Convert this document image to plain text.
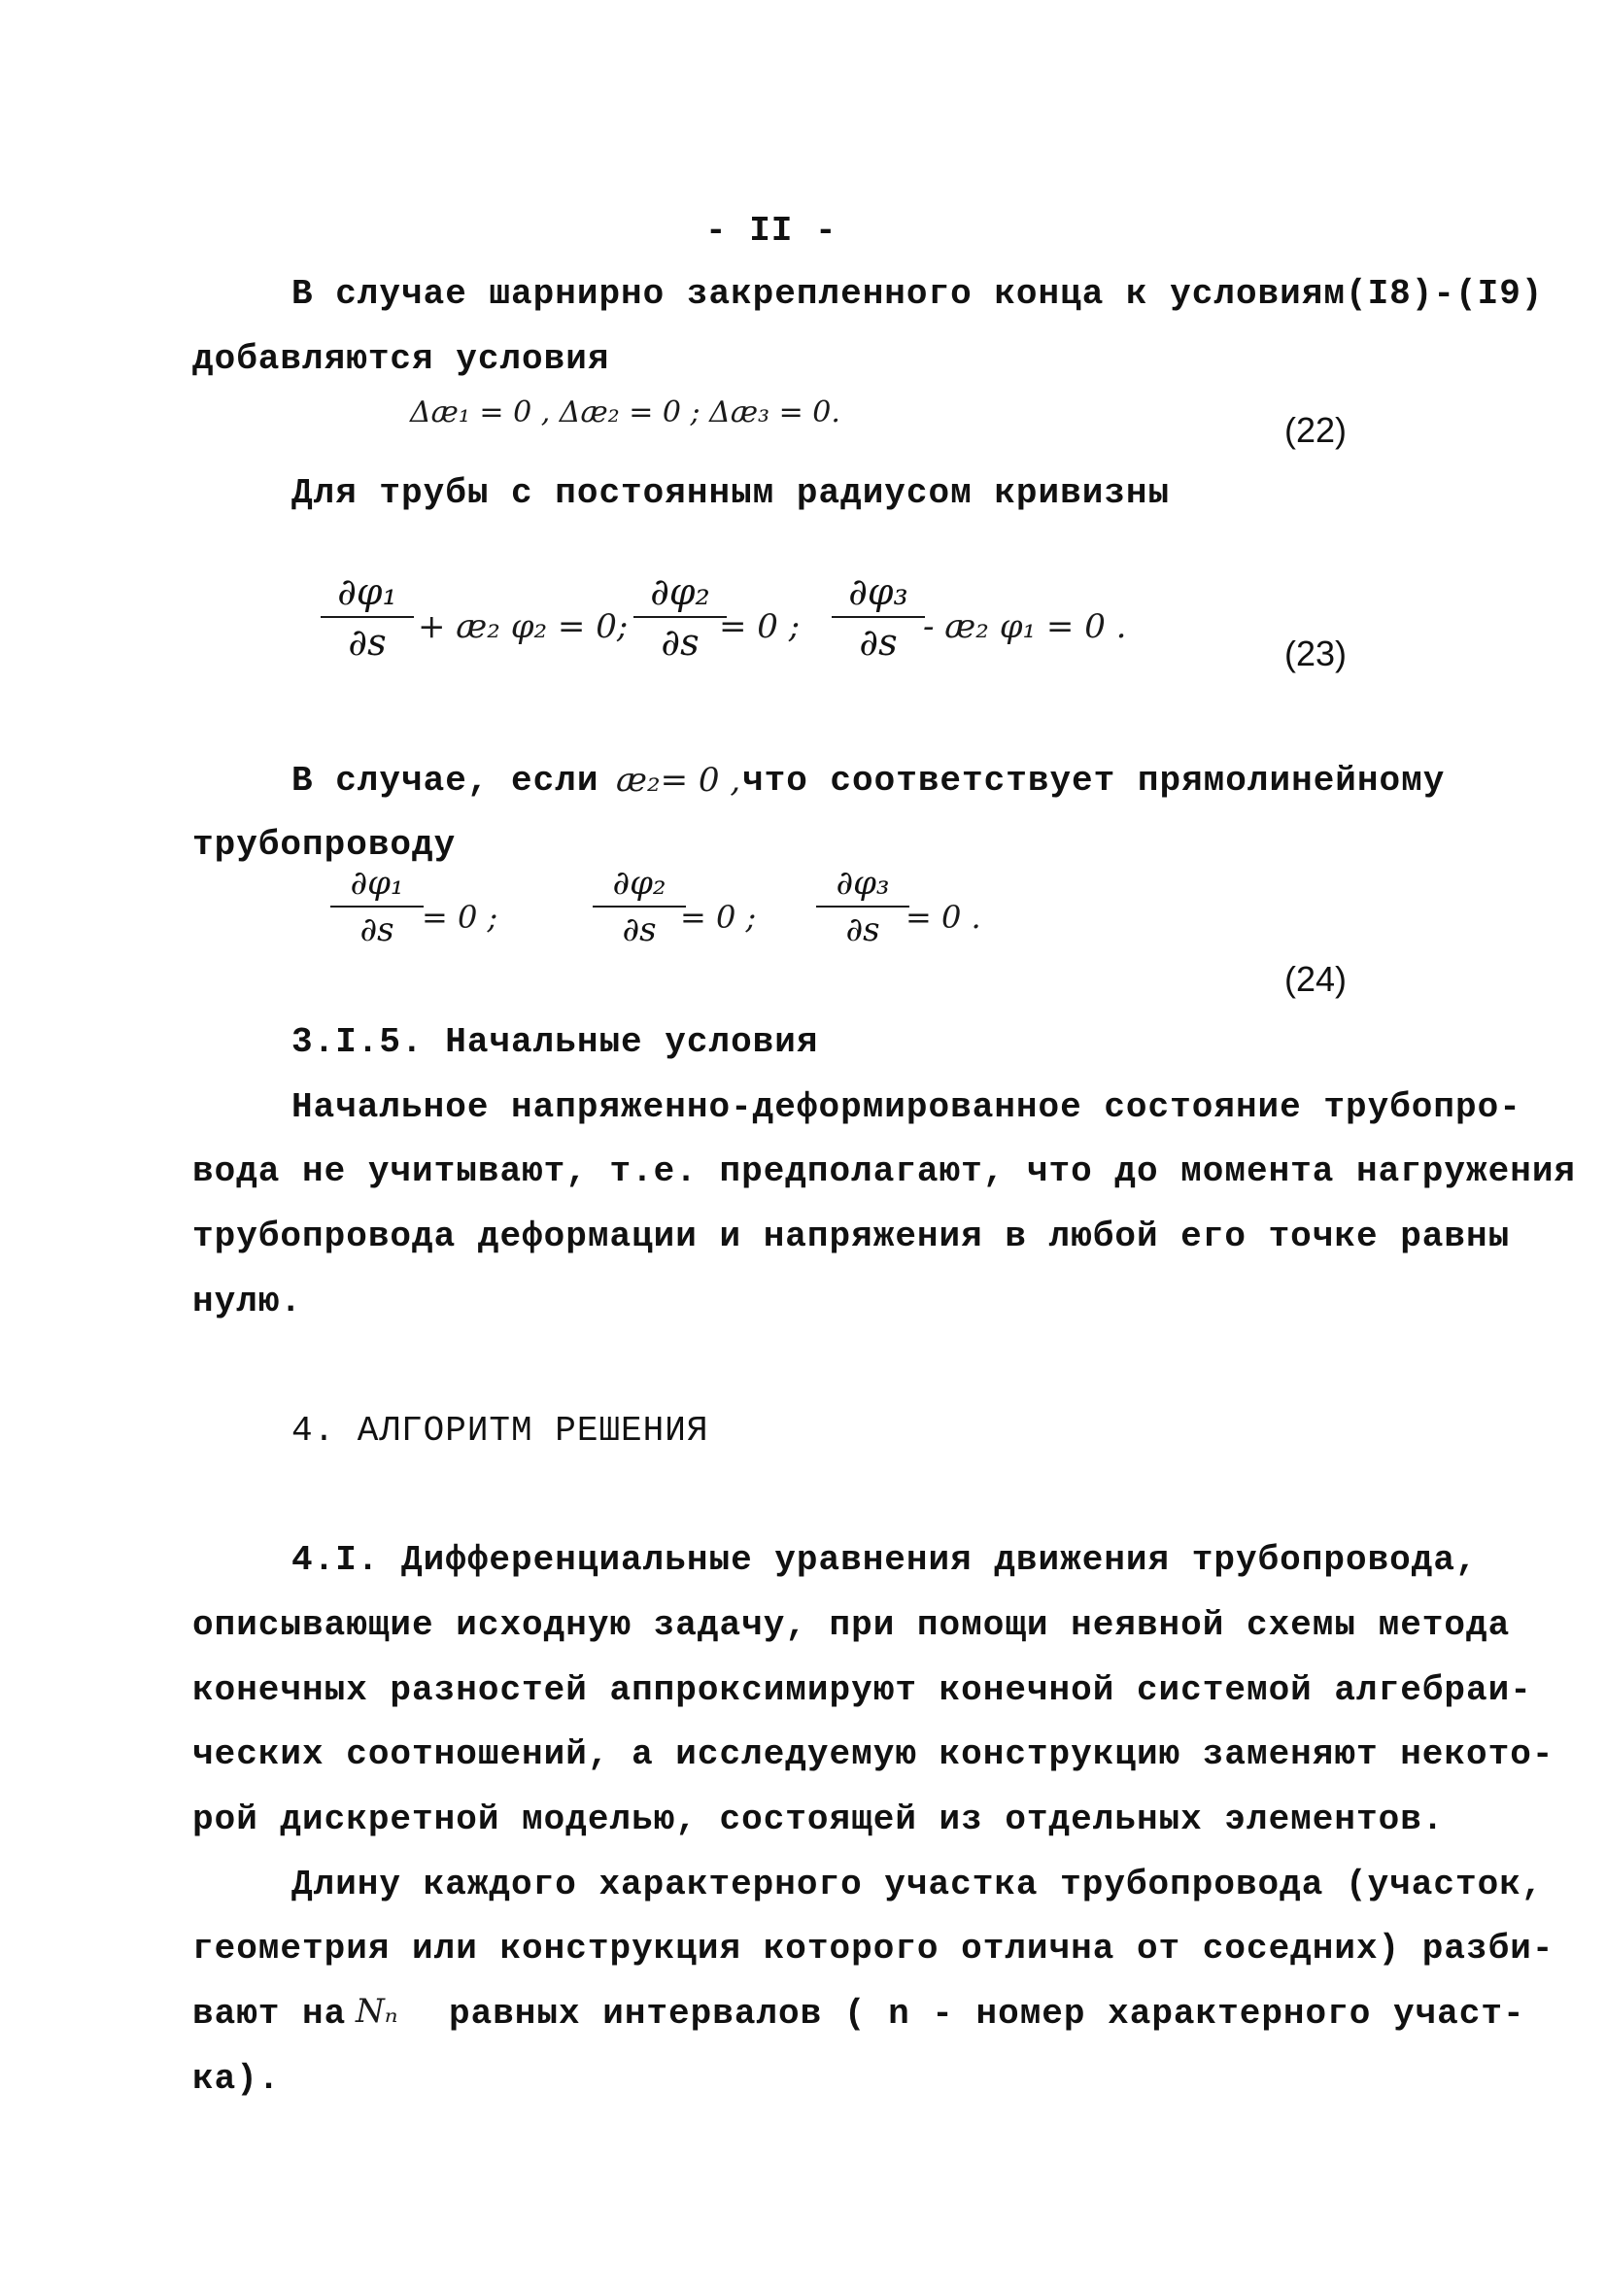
- II -
В случае шарнирно закрепленного конца к условиям(I8)-(I9)
добавляются условия
Δæ₁ = 0 , Δæ₂ = 0 ; Δæ₃ = 0.	(22)
Для трубы с постоянным радиусом кривизны
∂φ₁
∂s + æ₂ φ₂ = 0;
∂φ₂
∂s = 0 ;
∂φ₃
∂s - æ₂ φ₁ = 0 .
(23)
В случае, если æ₂= 0 , что соответствует прямолинейному
трубопроводу
∂φ₁
∂s = 0 ;
∂φ₂
∂s = 0 ;
∂φ₃
∂s = 0 .
(24)
3.I.5. Начальные условия
Начальное напряженно-деформированное состояние трубопро-
вода не учитывают, т.е. предполагают, что до момента нагружения
трубопровода деформации и напряжения в любой его точке равны
нулю.
4. АЛГОРИТМ РЕШЕНИЯ
4.I. Дифференциальные уравнения движения трубопровода,
описывающие исходную задачу, при помощи неявной схемы метода
конечных разностей аппроксимируют конечной системой алгебраи-
ческих соотношений, а исследуемую конструкцию заменяют некото-
рой дискретной моделью, состоящей из отдельных элементов.
Длину каждого характерного участка трубопровода (участок,
геометрия или конструкция которого отлична от соседних) разби-
вают на Nₙ равных интервалов ( n - номер характерного участ-
ка).
